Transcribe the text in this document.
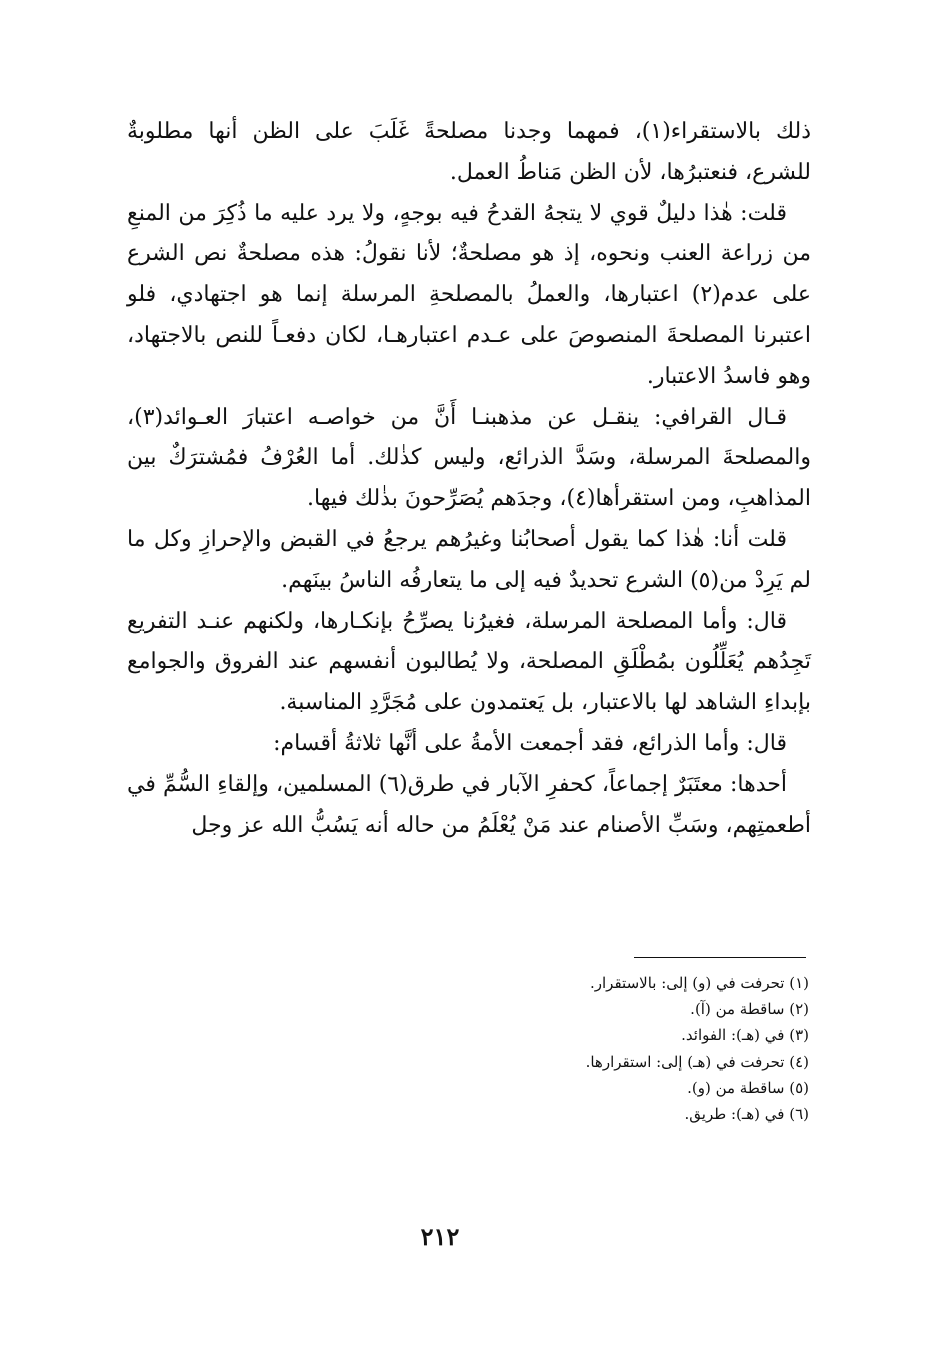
ذلك بالاستقراء(١)، فمهما وجدنا مصلحةً غَلَبَ على الظن أنها مطلوبةٌ للشرع، فنعتبرُها، لأن الظن مَناطُ العمل.

قلت: هٰذا دليلٌ قوي لا يتجهُ القدحُ فيه بوجهٍ، ولا يرد عليه ما ذُكِرَ من المنعِ من زراعة العنب ونحوه، إذ هو مصلحةٌ؛ لأنا نقولُ: هذه مصلحةٌ نص الشرع على عدم(٢) اعتبارها، والعملُ بالمصلحةِ المرسلة إنما هو اجتهادي، فلو اعتبرنا المصلحةَ المنصوصَ على عـدم اعتبارهـا، لكان دفعـاً للنص بالاجتهاد، وهو فاسدُ الاعتبار.

قـال القرافي: ينقـل عن مذهبنـا أَنَّ من خواصـه اعتبارَ العـوائد(٣)، والمصلحةَ المرسلة، وسَدَّ الذرائع، وليس كذٰلك. أما العُرْفُ فمُشترَكٌ بين المذاهبِ، ومن استقرأها(٤)، وجدَهم يُصَرِّحونَ بذٰلك فيها.

قلت أنا: هٰذا كما يقول أصحابُنا وغيرُهم يرجعُ في القبض والإحرازِ وكل ما لم يَرِدْ من(٥) الشرع تحديدٌ فيه إلى ما يتعارفُه الناسُ بينَهم.

قال: وأما المصلحة المرسلة، فغيرُنا يصرِّحُ بإنكـارها، ولكنهم عنـد التفريع تَجِدُهم يُعَلِّلُون بمُطْلَقِ المصلحة، ولا يُطالبون أنفسهم عند الفروق والجوامع بإبداءِ الشاهد لها بالاعتبار، بل يَعتمدون على مُجَرَّدِ المناسبة.

قال: وأما الذرائع، فقد أجمعت الأمةُ على أنَّها ثلاثةُ أقسام:

أحدها: معتَبَرٌ إجماعاً، كحفرِ الآبار في طرق(٦) المسلمين، وإلقاءِ السُّمِّ في أطعمتِهم، وسَبِّ الأصنام عند مَنْ يُعْلَمُ من حاله أنه يَسُبُّ الله عز وجل

(١) تحرفت في (و) إلى: بالاستقرار.
(٢) ساقطة من (آ).
(٣) في (هـ): الفوائد.
(٤) تحرفت في (هـ) إلى: استقرارها.
(٥) ساقطة من (و).
(٦) في (هـ): طريق.
٢١٢
